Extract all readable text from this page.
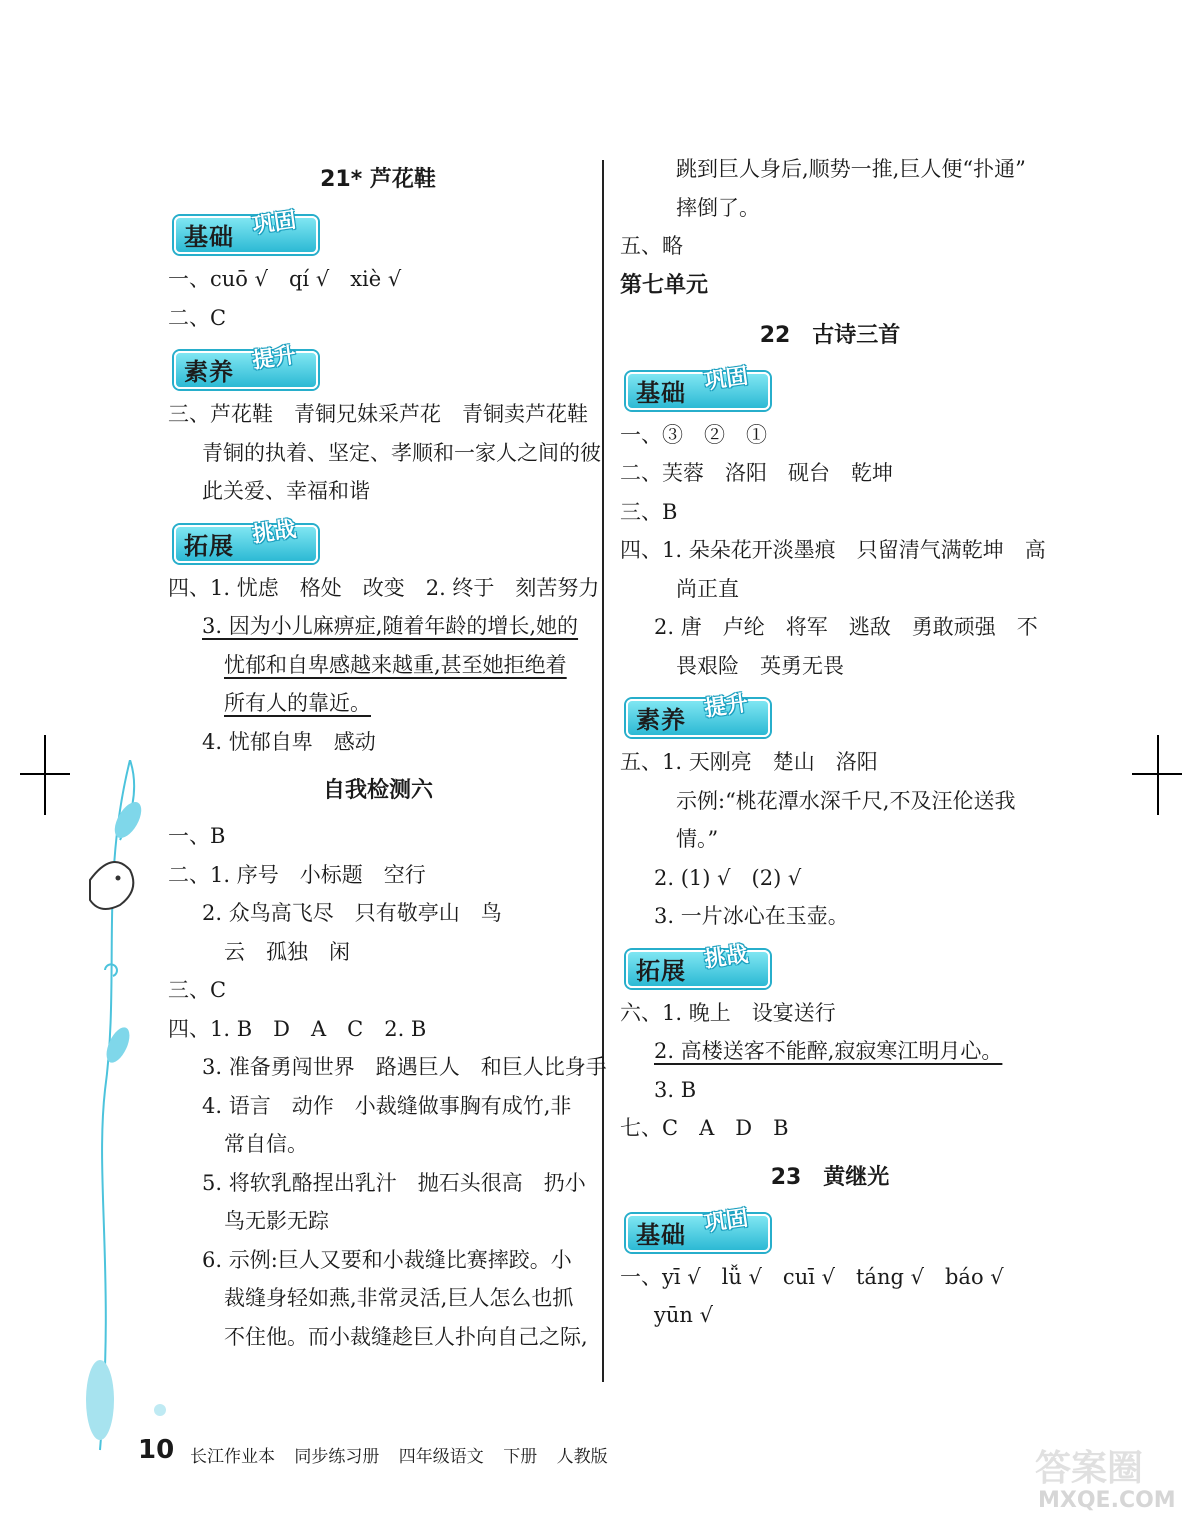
21* 芦花鞋
基础 巩固
一、cuō √　qí √　xiè √
二、C
素养 提升
三、芦花鞋　青铜兄妹采芦花　青铜卖芦花鞋
青铜的执着、坚定、孝顺和一家人之间的彼
此关爱、幸福和谐
拓展 挑战
四、1. 忧虑　格处　改变　2. 终于　刻苦努力
3. 因为小儿麻痹症,随着年龄的增长,她的
忧郁和自卑感越来越重,甚至她拒绝着
所有人的靠近。
4. 忧郁自卑　感动
自我检测六
一、B
二、1. 序号　小标题　空行
2. 众鸟高飞尽　只有敬亭山　鸟
云　孤独　闲
三、C
四、1. B　D　A　C　2. B
3. 准备勇闯世界　路遇巨人　和巨人比身手
4. 语言　动作　小裁缝做事胸有成竹,非
常自信。
5. 将软乳酪捏出乳汁　抛石头很高　扔小
鸟无影无踪
6. 示例:巨人又要和小裁缝比赛摔跤。小
裁缝身轻如燕,非常灵活,巨人怎么也抓
不住他。而小裁缝趁巨人扑向自己之际,
跳到巨人身后,顺势一推,巨人便“扑通”
摔倒了。
五、略
第七单元
22　古诗三首
基础 巩固
一、③　②　①
二、芙蓉　洛阳　砚台　乾坤
三、B
四、1. 朵朵花开淡墨痕　只留清气满乾坤　高
尚正直
2. 唐　卢纶　将军　逃敌　勇敢顽强　不
畏艰险　英勇无畏
素养 提升
五、1. 天刚亮　楚山　洛阳
示例:“桃花潭水深千尺,不及汪伦送我
情。”
2. (1) √　(2) √
3. 一片冰心在玉壶。
拓展 挑战
六、1. 晚上　设宴送行
2. 高楼送客不能醉,寂寂寒江明月心。
3. B
七、C　A　D　B
23　黄继光
基础 巩固
一、yī √　lǚ √　cuī √　táng √　báo √
yūn √
10 长江作业本 同步练习册 四年级语文 下册 人教版	答案圈
MXQE.COM
